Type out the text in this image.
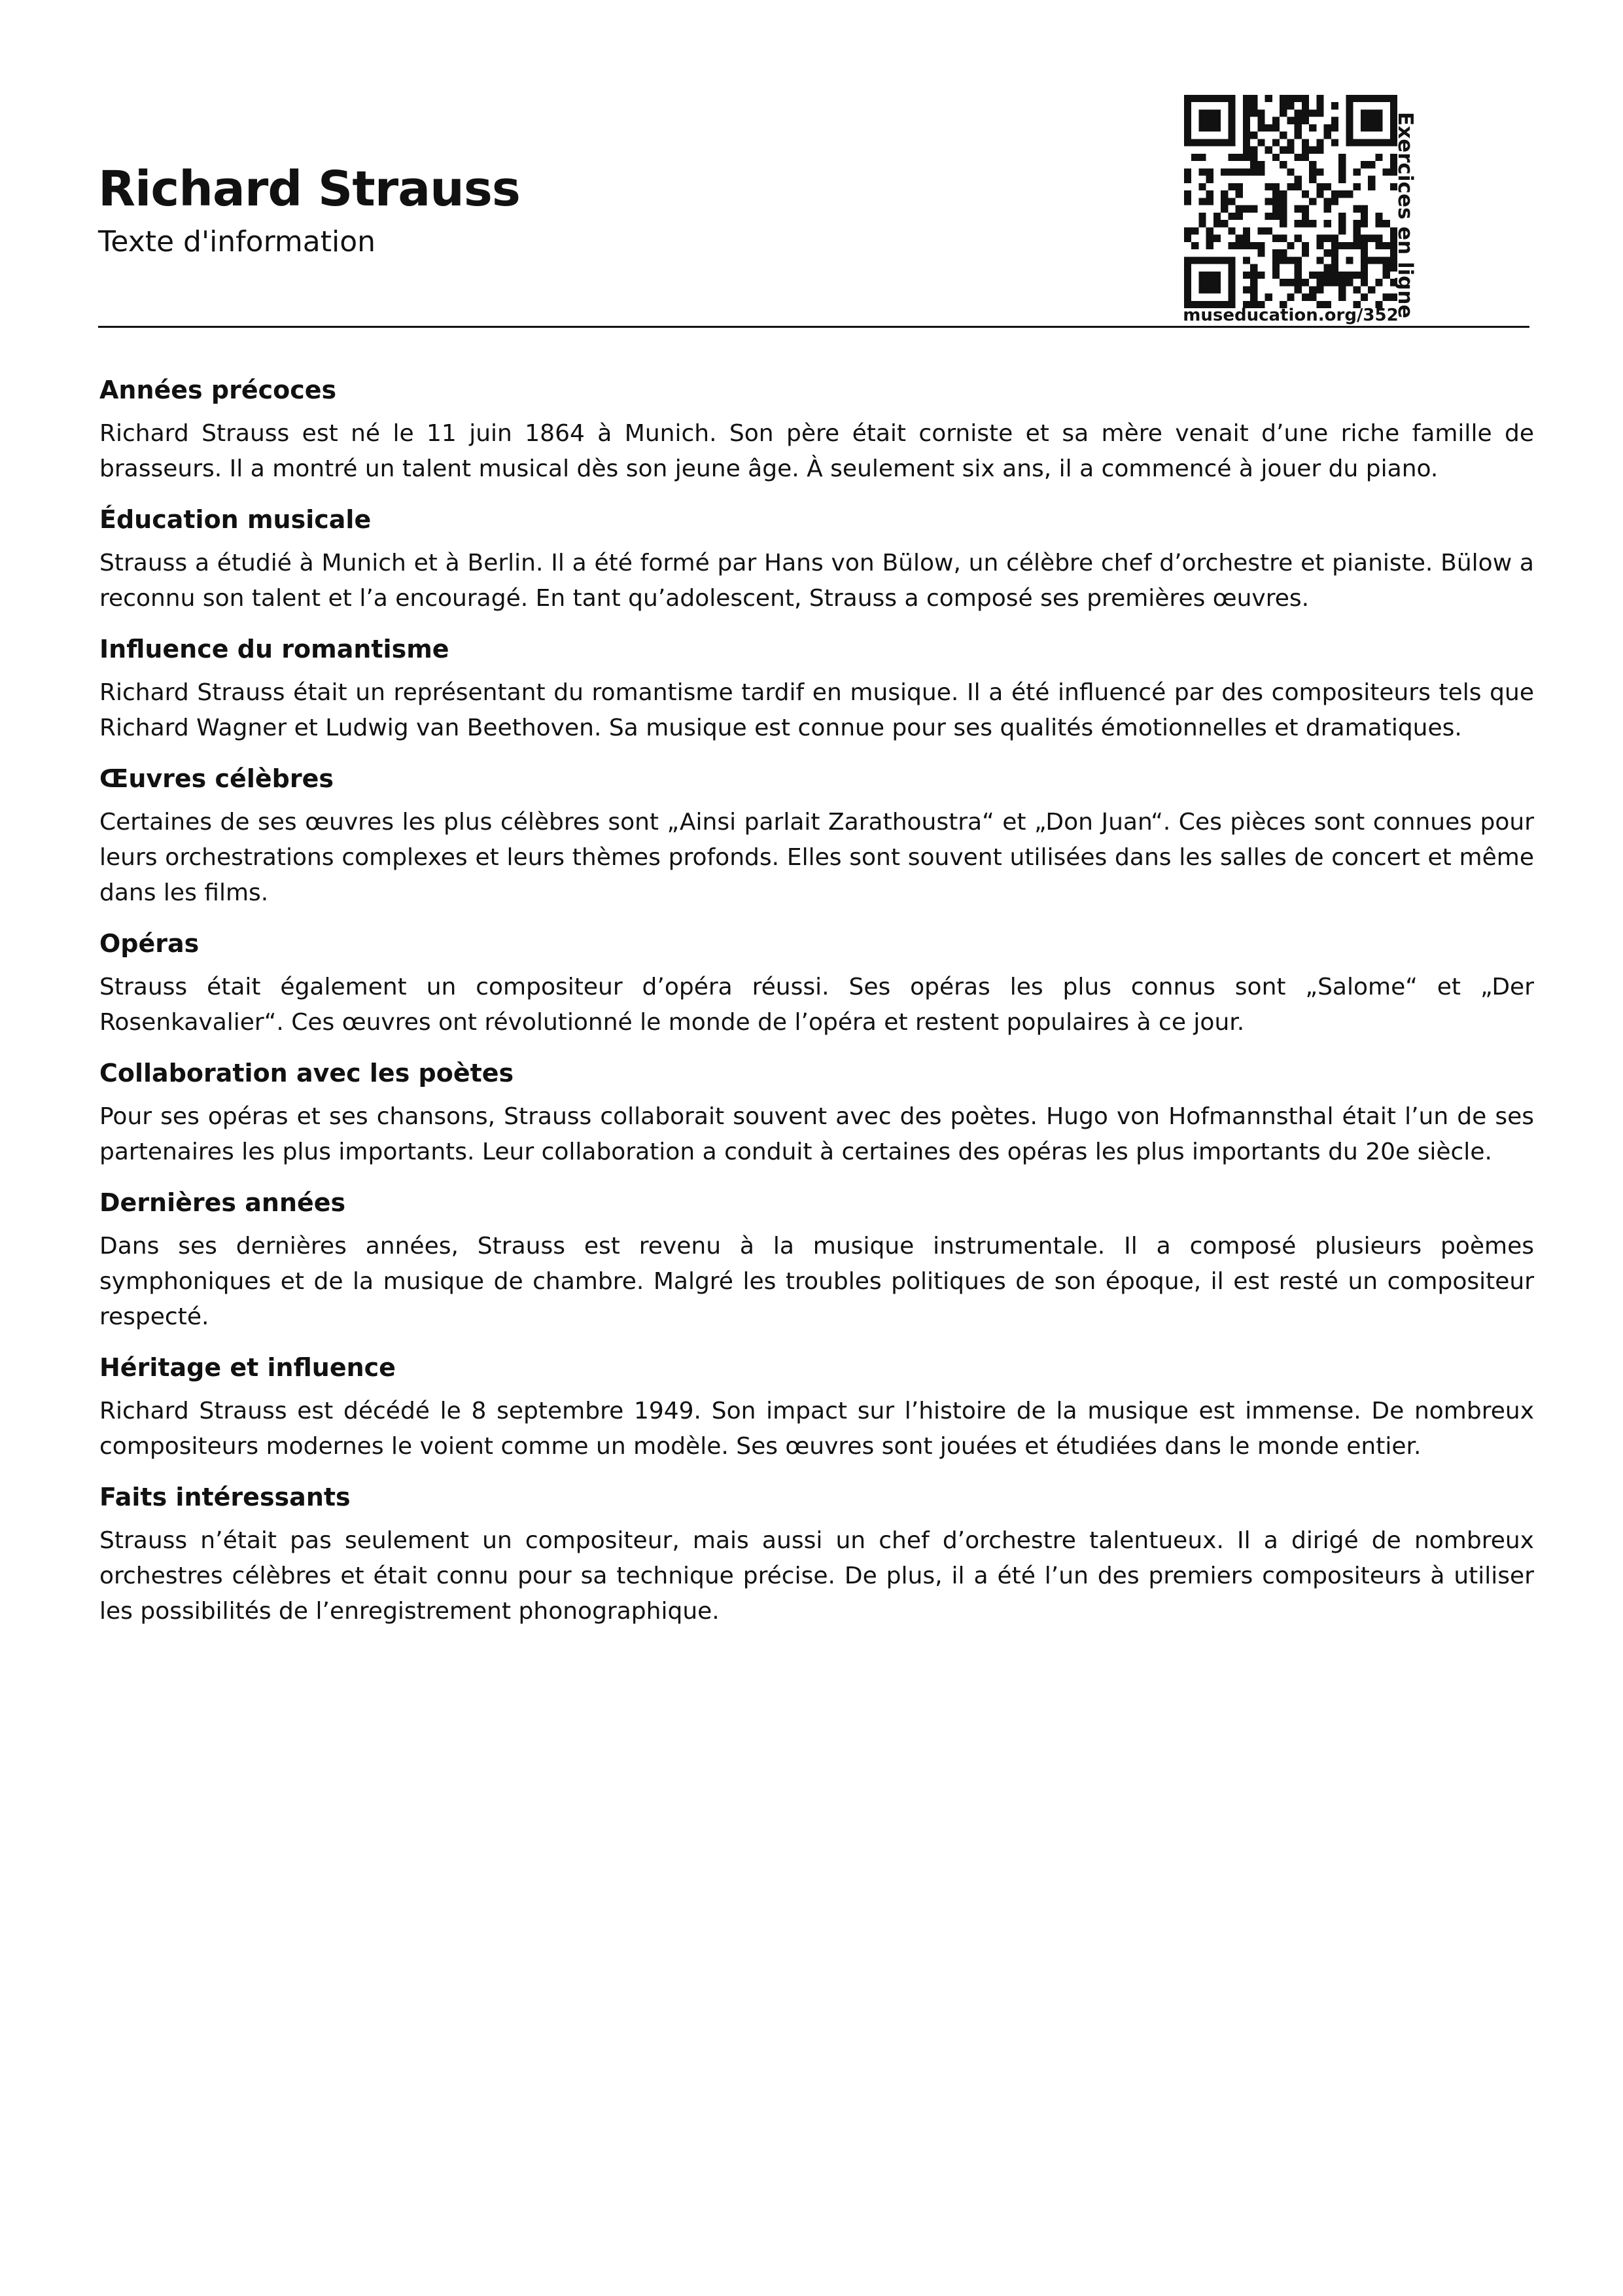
Richard Strauss
Texte d'information
museducation.org/352
Exercices en ligne
Années précoces

Richard Strauss est né le 11 juin 1864 à Munich. Son père était corniste et sa mère venait d’une riche famille de brasseurs. Il a montré un talent musical dès son jeune âge. À seulement six ans, il a commencé à jouer du piano.

Éducation musicale

Strauss a étudié à Munich et à Berlin. Il a été formé par Hans von Bülow, un célèbre chef d’orchestre et pianiste. Bülow a reconnu son talent et l’a encouragé. En tant qu’adolescent, Strauss a composé ses premières œuvres.

Influence du romantisme

Richard Strauss était un représentant du romantisme tardif en musique. Il a été influencé par des compositeurs tels que Richard Wagner et Ludwig van Beethoven. Sa musique est connue pour ses qualités émotionnelles et dramatiques.

Œuvres célèbres

Certaines de ses œuvres les plus célèbres sont „Ainsi parlait Zarathoustra“ et „Don Juan“. Ces pièces sont connues pour leurs orchestrations complexes et leurs thèmes profonds. Elles sont souvent utilisées dans les salles de concert et même dans les films.

Opéras

Strauss était également un compositeur d’opéra réussi. Ses opéras les plus connus sont „Salome“ et „Der Rosenkavalier“. Ces œuvres ont révolutionné le monde de l’opéra et restent populaires à ce jour.

Collaboration avec les poètes

Pour ses opéras et ses chansons, Strauss collaborait souvent avec des poètes. Hugo von Hofmannsthal était l’un de ses partenaires les plus importants. Leur collaboration a conduit à certaines des opéras les plus importants du 20e siècle.

Dernières années

Dans ses dernières années, Strauss est revenu à la musique instrumentale. Il a composé plusieurs poèmes symphoniques et de la musique de chambre. Malgré les troubles politiques de son époque, il est resté un compositeur respecté.

Héritage et influence

Richard Strauss est décédé le 8 septembre 1949. Son impact sur l’histoire de la musique est immense. De nombreux compositeurs modernes le voient comme un modèle. Ses œuvres sont jouées et étudiées dans le monde entier.

Faits intéressants

Strauss n’était pas seulement un compositeur, mais aussi un chef d’orchestre talentueux. Il a dirigé de nombreux orchestres célèbres et était connu pour sa technique précise. De plus, il a été l’un des premiers compositeurs à utiliser les possibilités de l’enregistrement phonographique.
